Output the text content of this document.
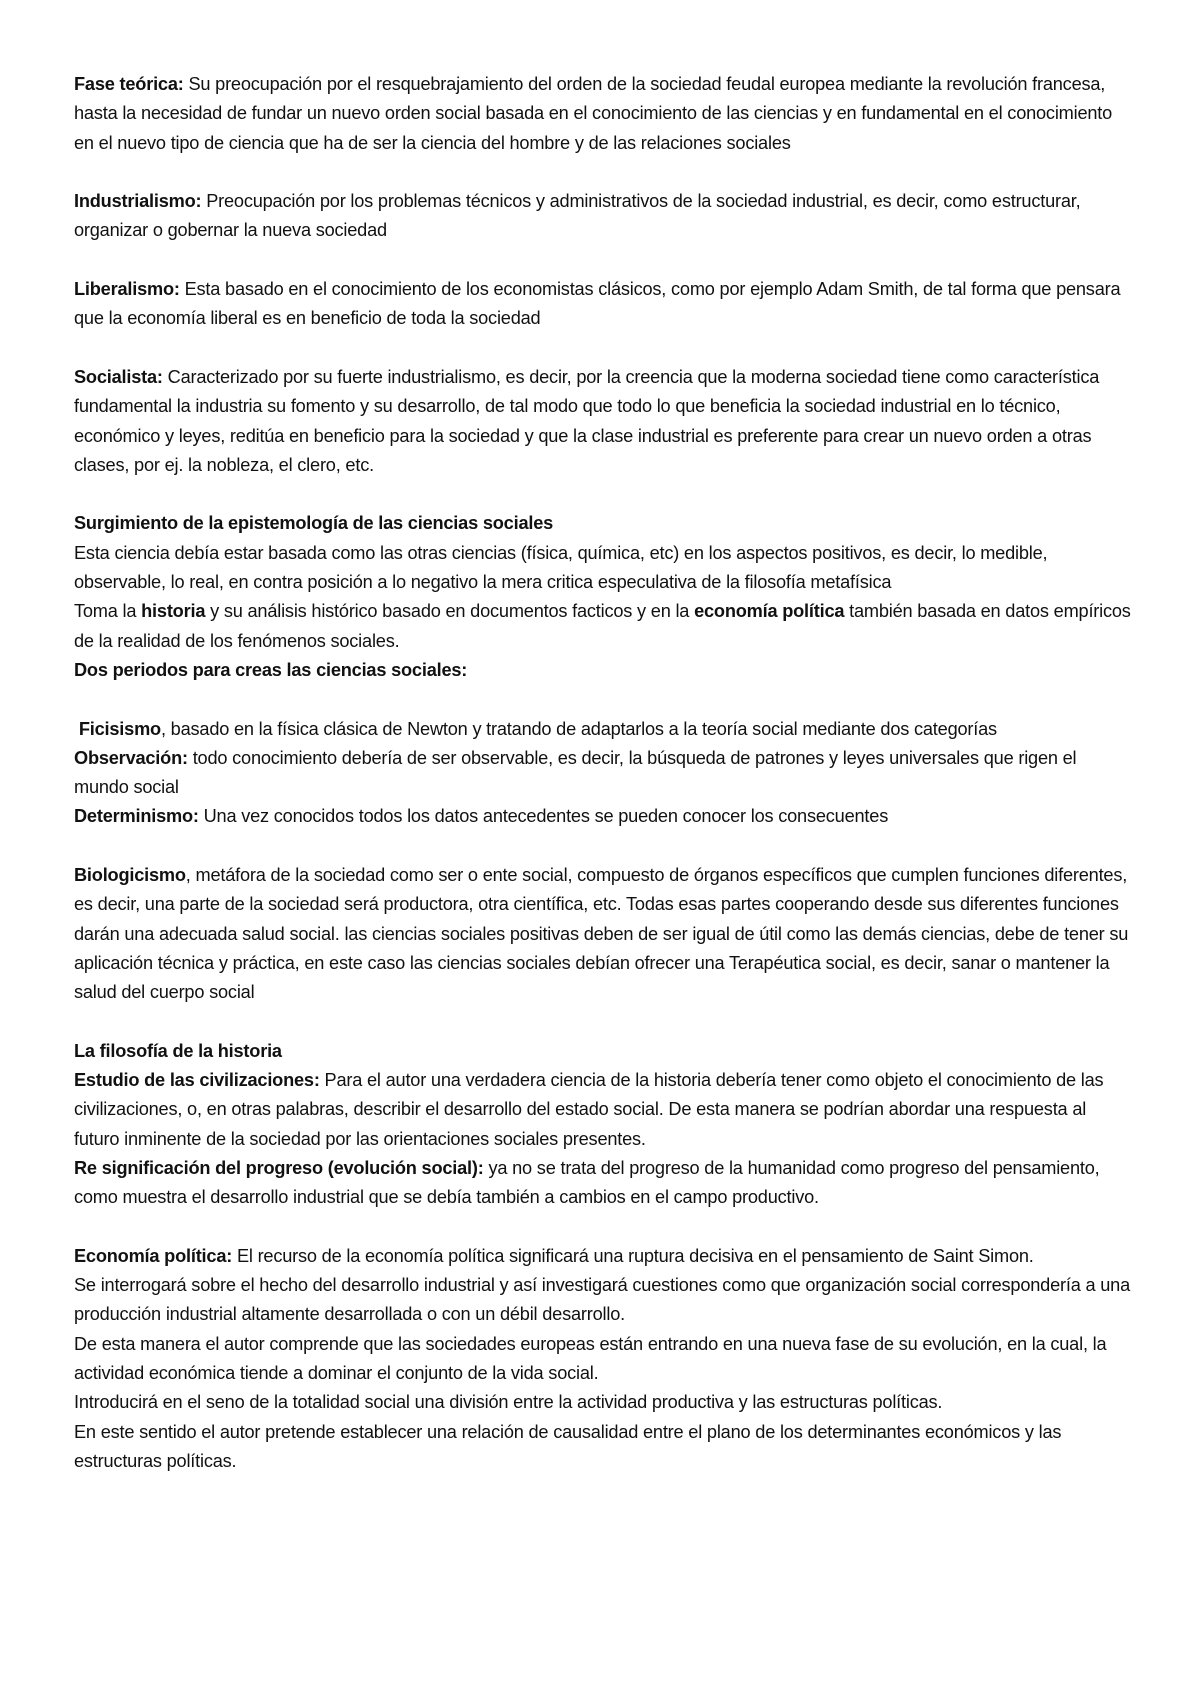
Fase teórica: Su preocupación por el resquebrajamiento del orden de la sociedad feudal europea mediante la revolución francesa, hasta la necesidad de fundar un nuevo orden social basada en el conocimiento de las ciencias y en fundamental en el conocimiento en el nuevo tipo de ciencia que ha de ser la ciencia del hombre y de las relaciones sociales

Industrialismo: Preocupación por los problemas técnicos y administrativos de la sociedad industrial, es decir, como estructurar, organizar o gobernar la nueva sociedad

Liberalismo: Esta basado en el conocimiento de los economistas clásicos, como por ejemplo Adam Smith, de tal forma que pensara que la economía liberal es en beneficio de toda la sociedad

Socialista: Caracterizado por su fuerte industrialismo, es decir, por la creencia que la moderna sociedad tiene como característica fundamental la industria su fomento y su desarrollo, de tal modo que todo lo que beneficia la sociedad industrial en lo técnico, económico y leyes, reditúa en beneficio para la sociedad y que la clase industrial es preferente para crear un nuevo orden a otras clases, por ej. la nobleza, el clero, etc.

Surgimiento de la epistemología de las ciencias sociales
Esta ciencia debía estar basada como las otras ciencias (física, química, etc) en los aspectos positivos, es decir, lo medible, observable, lo real, en contra posición a lo negativo la mera critica especulativa de la filosofía metafísica
Toma la historia y su análisis histórico basado en documentos facticos y en la economía política también basada en datos empíricos de la realidad de los fenómenos sociales.
Dos periodos para creas las ciencias sociales:

Ficisismo, basado en la física clásica de Newton y tratando de adaptarlos a la teoría social mediante dos categorías
Observación: todo conocimiento debería de ser observable, es decir, la búsqueda de patrones y leyes universales que rigen el mundo social
Determinismo: Una vez conocidos todos los datos antecedentes se pueden conocer los consecuentes

Biologicismo, metáfora de la sociedad como ser o ente social, compuesto de órganos específicos que cumplen funciones diferentes, es decir, una parte de la sociedad será productora, otra científica, etc. Todas esas partes cooperando desde sus diferentes funciones darán una adecuada salud social. las ciencias sociales positivas deben de ser igual de útil como las demás ciencias, debe de tener su aplicación técnica y práctica, en este caso las ciencias sociales debían ofrecer una Terapéutica social, es decir, sanar o mantener la salud del cuerpo social

La filosofía de la historia
Estudio de las civilizaciones: Para el autor una verdadera ciencia de la historia debería tener como objeto el conocimiento de las civilizaciones, o, en otras palabras, describir el desarrollo del estado social. De esta manera se podrían abordar una respuesta al futuro inminente de la sociedad por las orientaciones sociales presentes.
Re significación del progreso (evolución social): ya no se trata del progreso de la humanidad como progreso del pensamiento, como muestra el desarrollo industrial que se debía también a cambios en el campo productivo.

Economía política: El recurso de la economía política significará una ruptura decisiva en el pensamiento de Saint Simon.
Se interrogará sobre el hecho del desarrollo industrial y así investigará cuestiones como que organización social correspondería a una producción industrial altamente desarrollada o con un débil desarrollo.
De esta manera el autor comprende que las sociedades europeas están entrando en una nueva fase de su evolución, en la cual, la actividad económica tiende a dominar el conjunto de la vida social.
Introducirá en el seno de la totalidad social una división entre la actividad productiva y las estructuras políticas.
En este sentido el autor pretende establecer una relación de causalidad entre el plano de los determinantes económicos y las estructuras políticas.
